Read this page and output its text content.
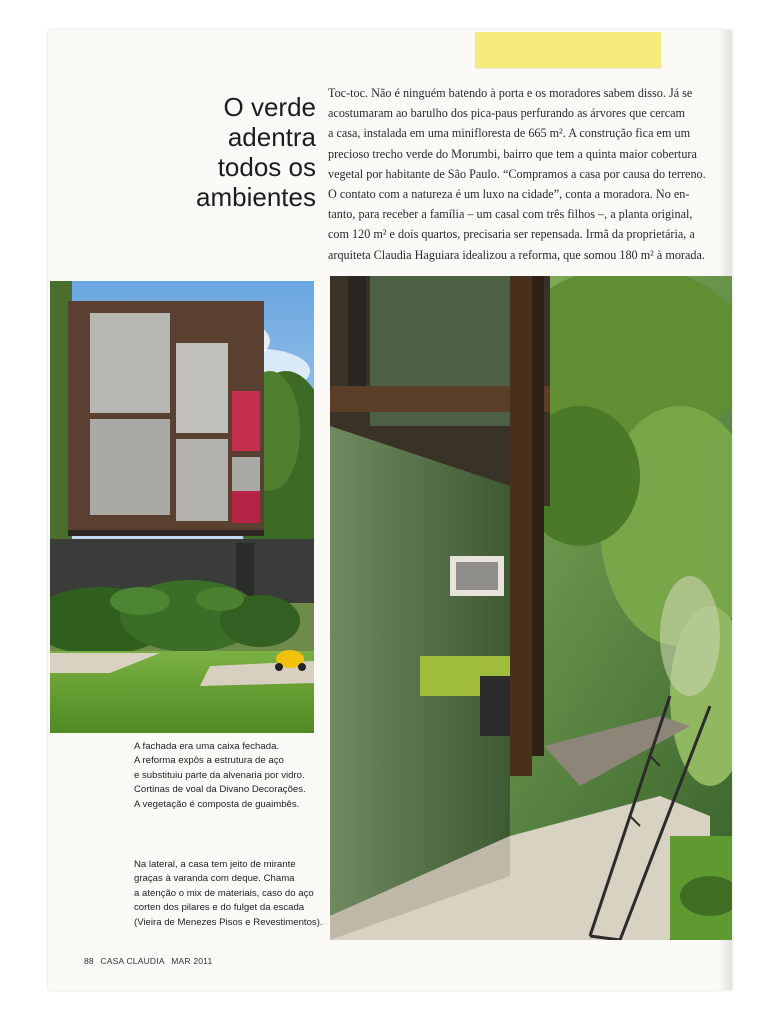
O verde
adentra
todos os
ambientes
Toc-toc. Não é ninguém batendo à porta e os moradores sabem disso. Já se
acostumaram ao barulho dos pica-paus perfurando as árvores que cercam
a casa, instalada em uma minifloresta de 665 m². A construção fica em um
precioso trecho verde do Morumbi, bairro que tem a quinta maior cobertura
vegetal por habitante de São Paulo. “Compramos a casa por causa do terreno.
O contato com a natureza é um luxo na cidade”, conta a moradora. No en-
tanto, para receber a família – um casal com três filhos –, a planta original,
com 120 m² e dois quartos, precisaria ser repensada. Irmã da proprietária, a
arquiteta Claudia Haguiara idealizou a reforma, que somou 180 m² à morada.
A fachada era uma caixa fechada.
A reforma expôs a estrutura de aço
e substituiu parte da alvenaria por vidro.
Cortinas de voal da Divano Decorações.
A vegetação é composta de guaimbês.
Na lateral, a casa tem jeito de mirante
graças à varanda com deque. Chama
a atenção o mix de materiais, caso do aço
corten dos pilares e do fulget da escada
(Vieira de Menezes Pisos e Revestimentos).
88 CASA CLAUDIA MAR 2011
